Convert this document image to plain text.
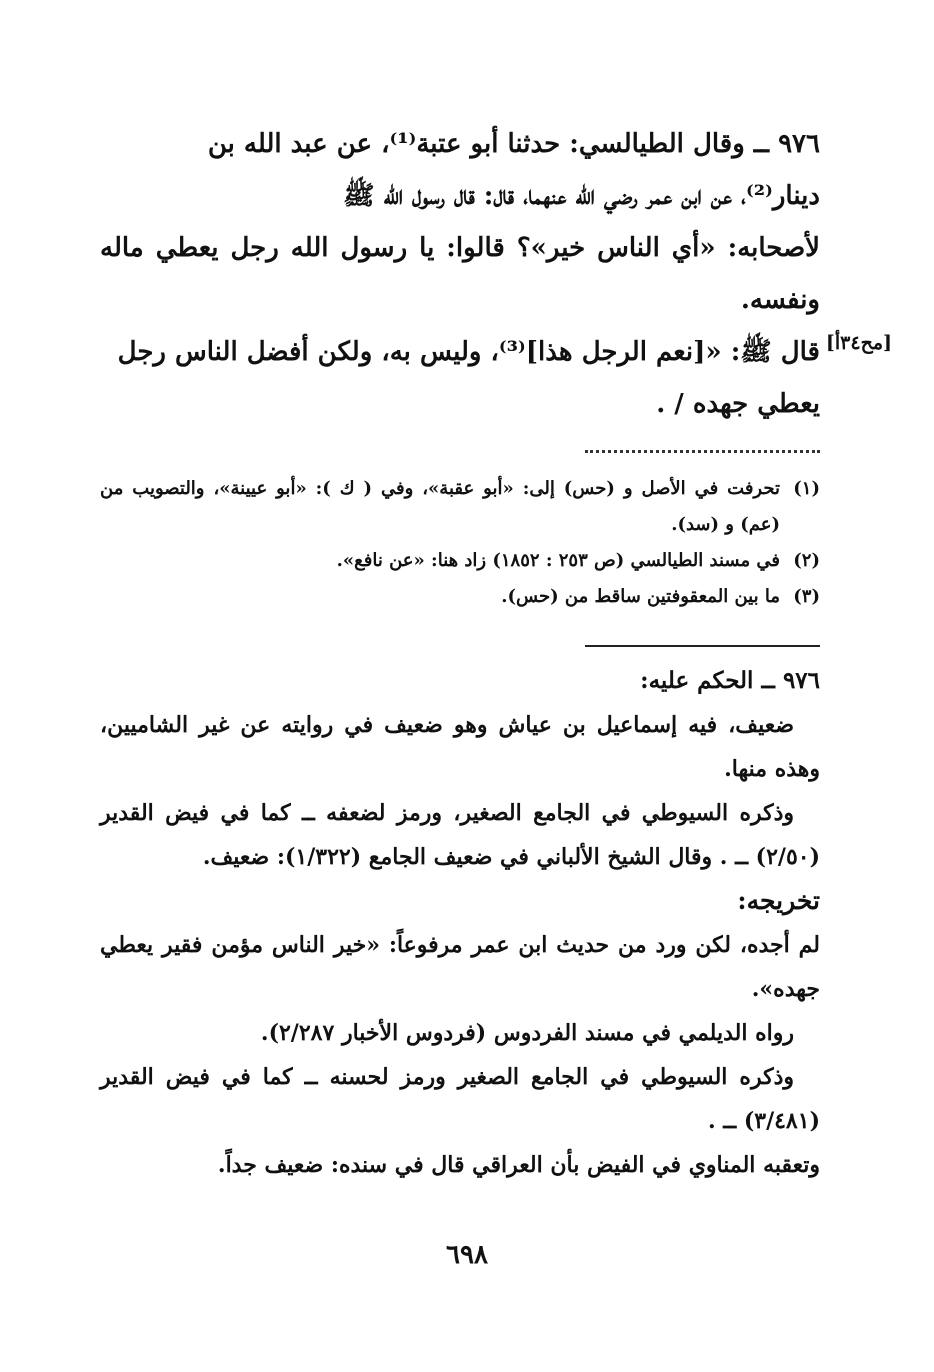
٩٧٦ ــ وقال الطيالسي: حدثنا أبو عتبة⁽¹⁾، عن عبد الله بن

دينار⁽²⁾، عن ابن عمر رضي الله عنهما، قال: قال رسول الله ﷺ

لأصحابه: «أي الناس خير»؟ قالوا: يا رسول الله رجل يعطي ماله ونفسه.

قال ﷺ: «[نعم الرجل هذا]⁽³⁾، وليس به، ولكن أفضل الناس رجل

يعطي جهده / .

[مح٣٤أ]
(١)
تحرفت في الأصل و (حس) إلى: «أبو عقبة»، وفي ( ك ): «أبو عيينة»، والتصويب من (عم) و (سد).
(٢)
في مسند الطيالسي (ص ٢٥٣ : ١٨٥٢) زاد هنا: «عن نافع».
(٣)
ما بين المعقوفتين ساقط من (حس).

٩٧٦ ــ الحكم عليه:

ضعيف، فيه إسماعيل بن عياش وهو ضعيف في روايته عن غير الشاميين، وهذه منها.

وذكره السيوطي في الجامع الصغير، ورمز لضعفه ــ كما في فيض القدير (٢/٥٠) ــ . وقال الشيخ الألباني في ضعيف الجامع (١/٣٢٢): ضعيف.

تخريجه:

لم أجده، لكن ورد من حديث ابن عمر مرفوعاً: «خير الناس مؤمن فقير يعطي جهده».

رواه الديلمي في مسند الفردوس (فردوس الأخبار ٢/٢٨٧).

وذكره السيوطي في الجامع الصغير ورمز لحسنه ــ كما في فيض القدير (٣/٤٨١) ــ .

وتعقبه المناوي في الفيض بأن العراقي قال في سنده: ضعيف جداً.

٦٩٨
